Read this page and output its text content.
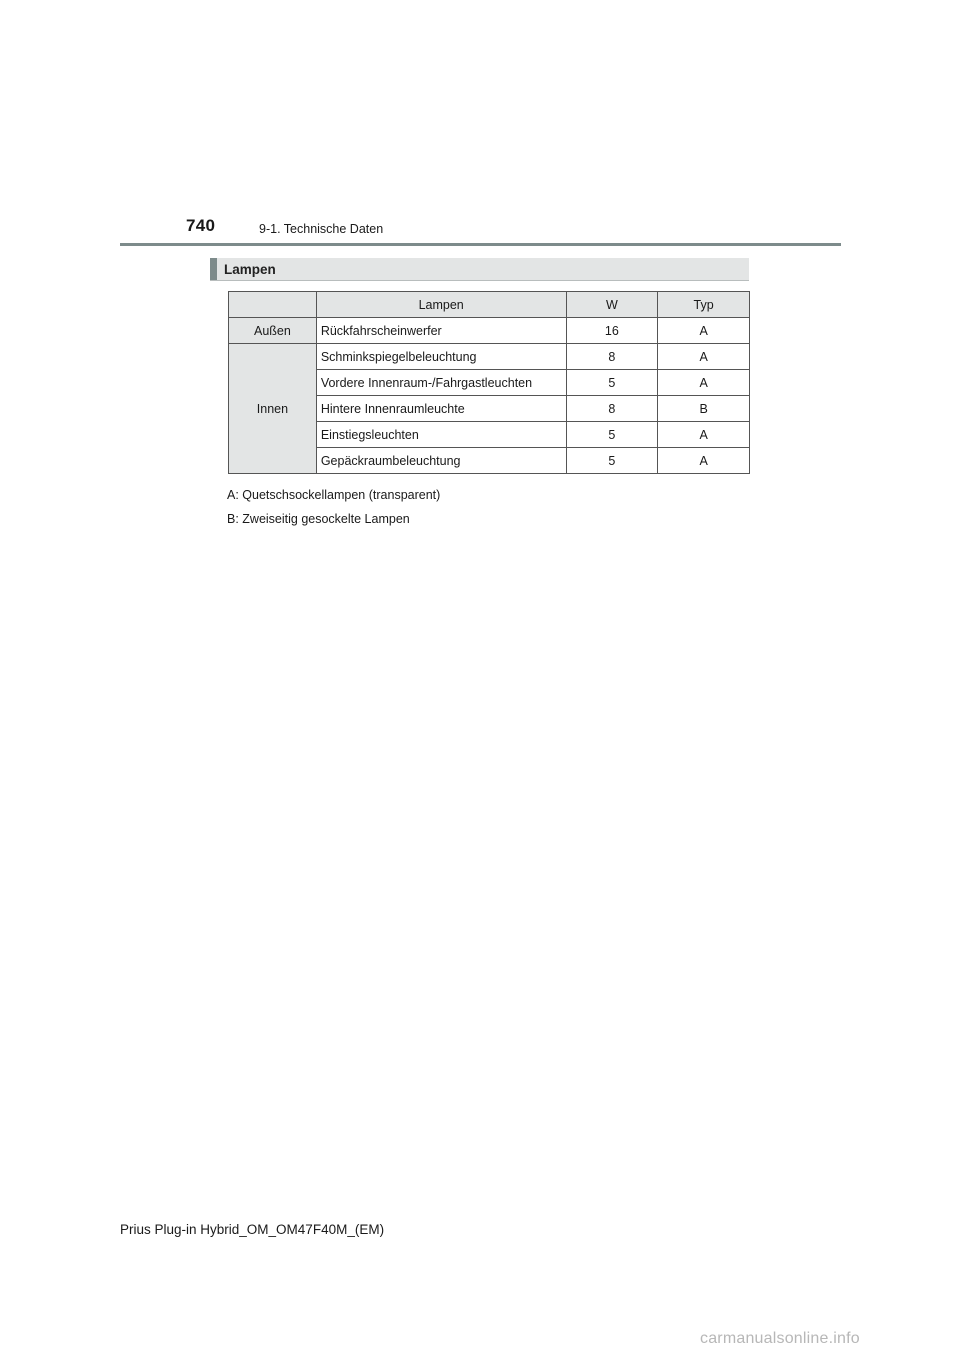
740	9-1. Technische Daten
Lampen
	Lampen	W	Typ
Außen	Rückfahrscheinwerfer	16	A
Innen	Schminkspiegelbeleuchtung	8	A
	Vordere Innenraum-/Fahrgastleuchten	5	A
	Hintere Innenraumleuchte	8	B
	Einstiegsleuchten	5	A
	Gepäckraumbeleuchtung	5	A
A: Quetschsockellampen (transparent)
B: Zweiseitig gesockelte Lampen
Prius Plug-in Hybrid_OM_OM47F40M_(EM)
carmanualsonline.info
